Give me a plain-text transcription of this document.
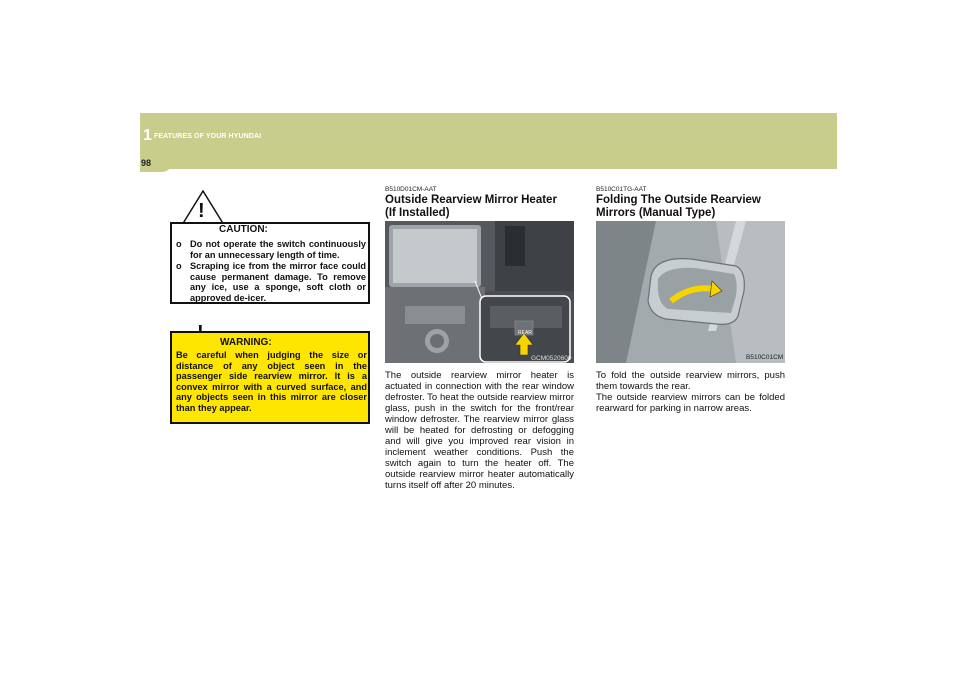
1 FEATURES OF YOUR HYUNDAI
98
!
CAUTION:
o Do not operate the switch continuously for an unnecessary length of time.
o Scraping ice from the mirror face could cause permanent damage. To remove any ice, use a sponge, soft cloth or approved de-icer.
WARNING:
Be careful when judging the size or distance of any object seen in the passenger side rearview mirror. It is a convex mirror with a curved surface, and any objects seen in this mirror are closer than they appear.
B510D01CM-AAT
Outside Rearview Mirror Heater
(If Installed)
REAR
GCM0520600
The outside rearview mirror heater is actuated in connection with the rear window defroster. To heat the outside rearview mirror glass, push in the switch for the front/rear window defroster. The rearview mirror glass will be heated for defrosting or defogging and will give you improved rear vision in inclement weather conditions. Push the switch again to turn the heater off. The outside rearview mirror heater automatically turns itself off after 20 minutes.
B510C01TG-AAT
Folding The Outside Rearview
Mirrors (Manual Type)
B510C01CM
To fold the outside rearview mirrors, push them towards the rear.
The outside rearview mirrors can be folded rearward for parking in narrow areas.
